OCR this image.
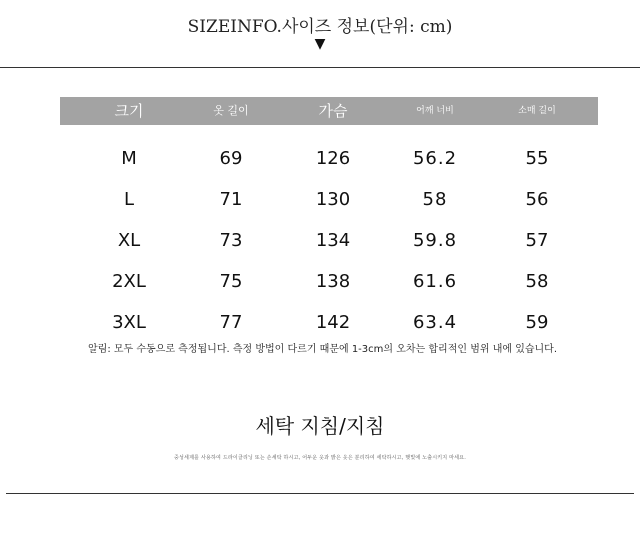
SIZEINFO.사이즈 정보(단위: cm)
▼
크기	옷 길이	가슴	어깨 너비	소매 길이
M	69	126	56.2	55
L	71	130	58	56
XL	73	134	59.8	57
2XL	75	138	61.6	58
3XL	77	142	63.4	59
알림: 모두 수동으로 측정됩니다. 측정 방법이 다르기 때문에 1-3cm의 오차는 합리적인 범위 내에 있습니다.
세탁 지침/지침
중성세제를 사용하여 드라이클리닝 또는 손세탁 하시고, 어두운 옷과 밝은 옷은 분리하여 세탁하시고, 햇빛에 노출시키지 마세요.
